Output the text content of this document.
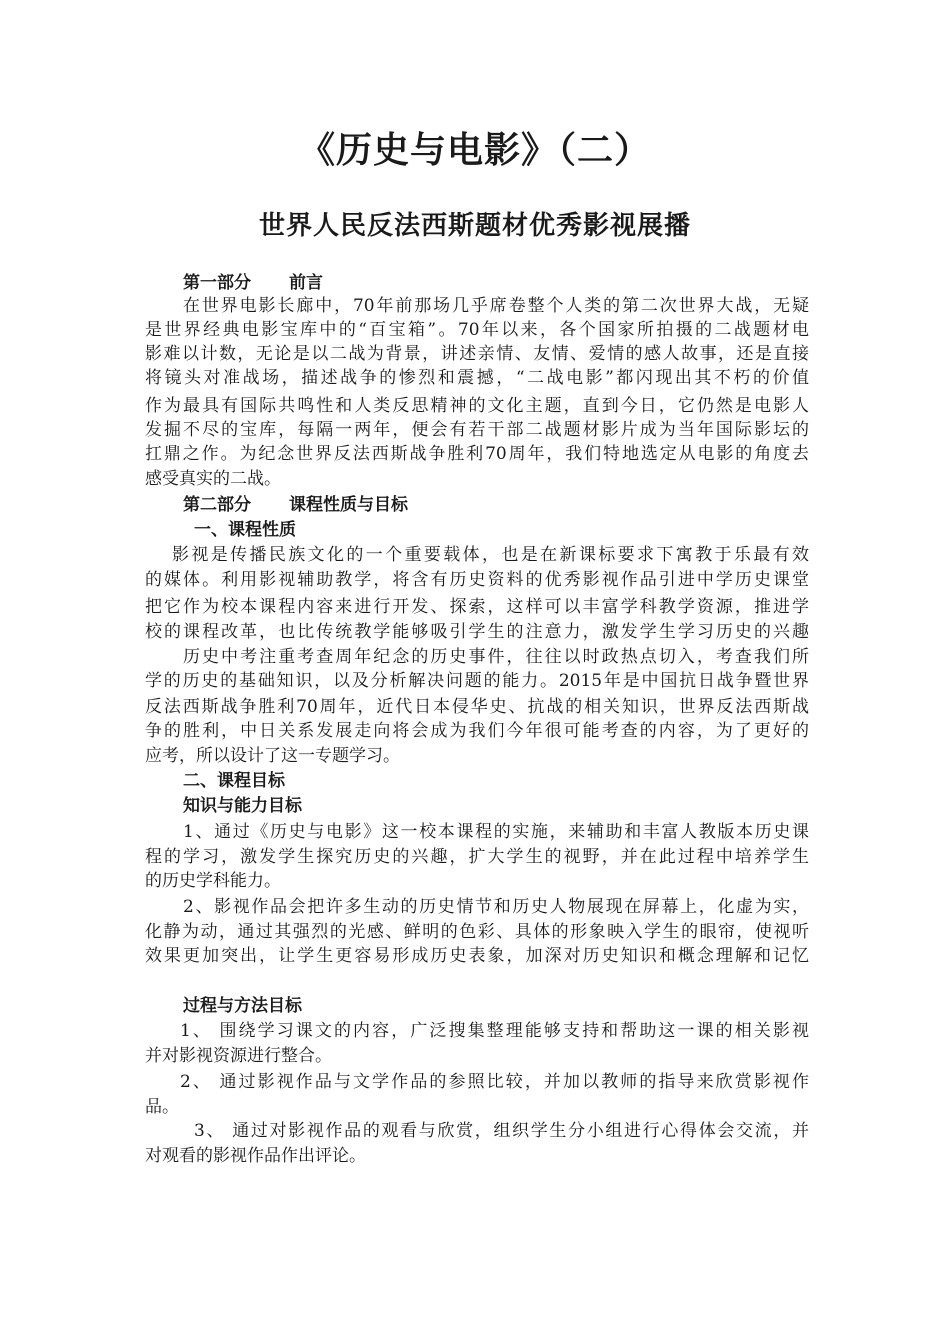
《历史与电影》（二）
世界人民反法西斯题材优秀影视展播
第一部分 前言
在世界电影长廊中，70年前那场几乎席卷整个人类的第二次世界大战，无疑
是世界经典电影宝库中的“百宝箱”。70年以来，各个国家所拍摄的二战题材电
影难以计数，无论是以二战为背景，讲述亲情、友情、爱情的感人故事，还是直接
将镜头对准战场，描述战争的惨烈和震撼，“二战电影”都闪现出其不朽的价值
作为最具有国际共鸣性和人类反思精神的文化主题，直到今日，它仍然是电影人
发掘不尽的宝库，每隔一两年，便会有若干部二战题材影片成为当年国际影坛的
扛鼎之作。为纪念世界反法西斯战争胜利70周年，我们特地选定从电影的角度去
感受真实的二战。
第二部分 课程性质与目标
一、课程性质
影视是传播民族文化的一个重要载体，也是在新课标要求下寓教于乐最有效
的媒体。利用影视辅助教学，将含有历史资料的优秀影视作品引进中学历史课堂
把它作为校本课程内容来进行开发、探索，这样可以丰富学科教学资源，推进学
校的课程改革，也比传统教学能够吸引学生的注意力，激发学生学习历史的兴趣
历史中考注重考查周年纪念的历史事件，往往以时政热点切入，考查我们所
学的历史的基础知识，以及分析解决问题的能力。2015年是中国抗日战争暨世界
反法西斯战争胜利70周年，近代日本侵华史、抗战的相关知识，世界反法西斯战
争的胜利，中日关系发展走向将会成为我们今年很可能考查的内容，为了更好的
应考，所以设计了这一专题学习。
二、课程目标
知识与能力目标
1、通过《历史与电影》这一校本课程的实施，来辅助和丰富人教版本历史课
程的学习，激发学生探究历史的兴趣，扩大学生的视野，并在此过程中培养学生
的历史学科能力。
2、影视作品会把许多生动的历史情节和历史人物展现在屏幕上，化虚为实，
化静为动，通过其强烈的光感、鲜明的色彩、具体的形象映入学生的眼帘，使视听
效果更加突出，让学生更容易形成历史表象，加深对历史知识和概念理解和记忆
过程与方法目标
1、 围绕学习课文的内容，广泛搜集整理能够支持和帮助这一课的相关影视
并对影视资源进行整合。
2、 通过影视作品与文学作品的参照比较，并加以教师的指导来欣赏影视作
品。
3、 通过对影视作品的观看与欣赏，组织学生分小组进行心得体会交流，并
对观看的影视作品作出评论。
